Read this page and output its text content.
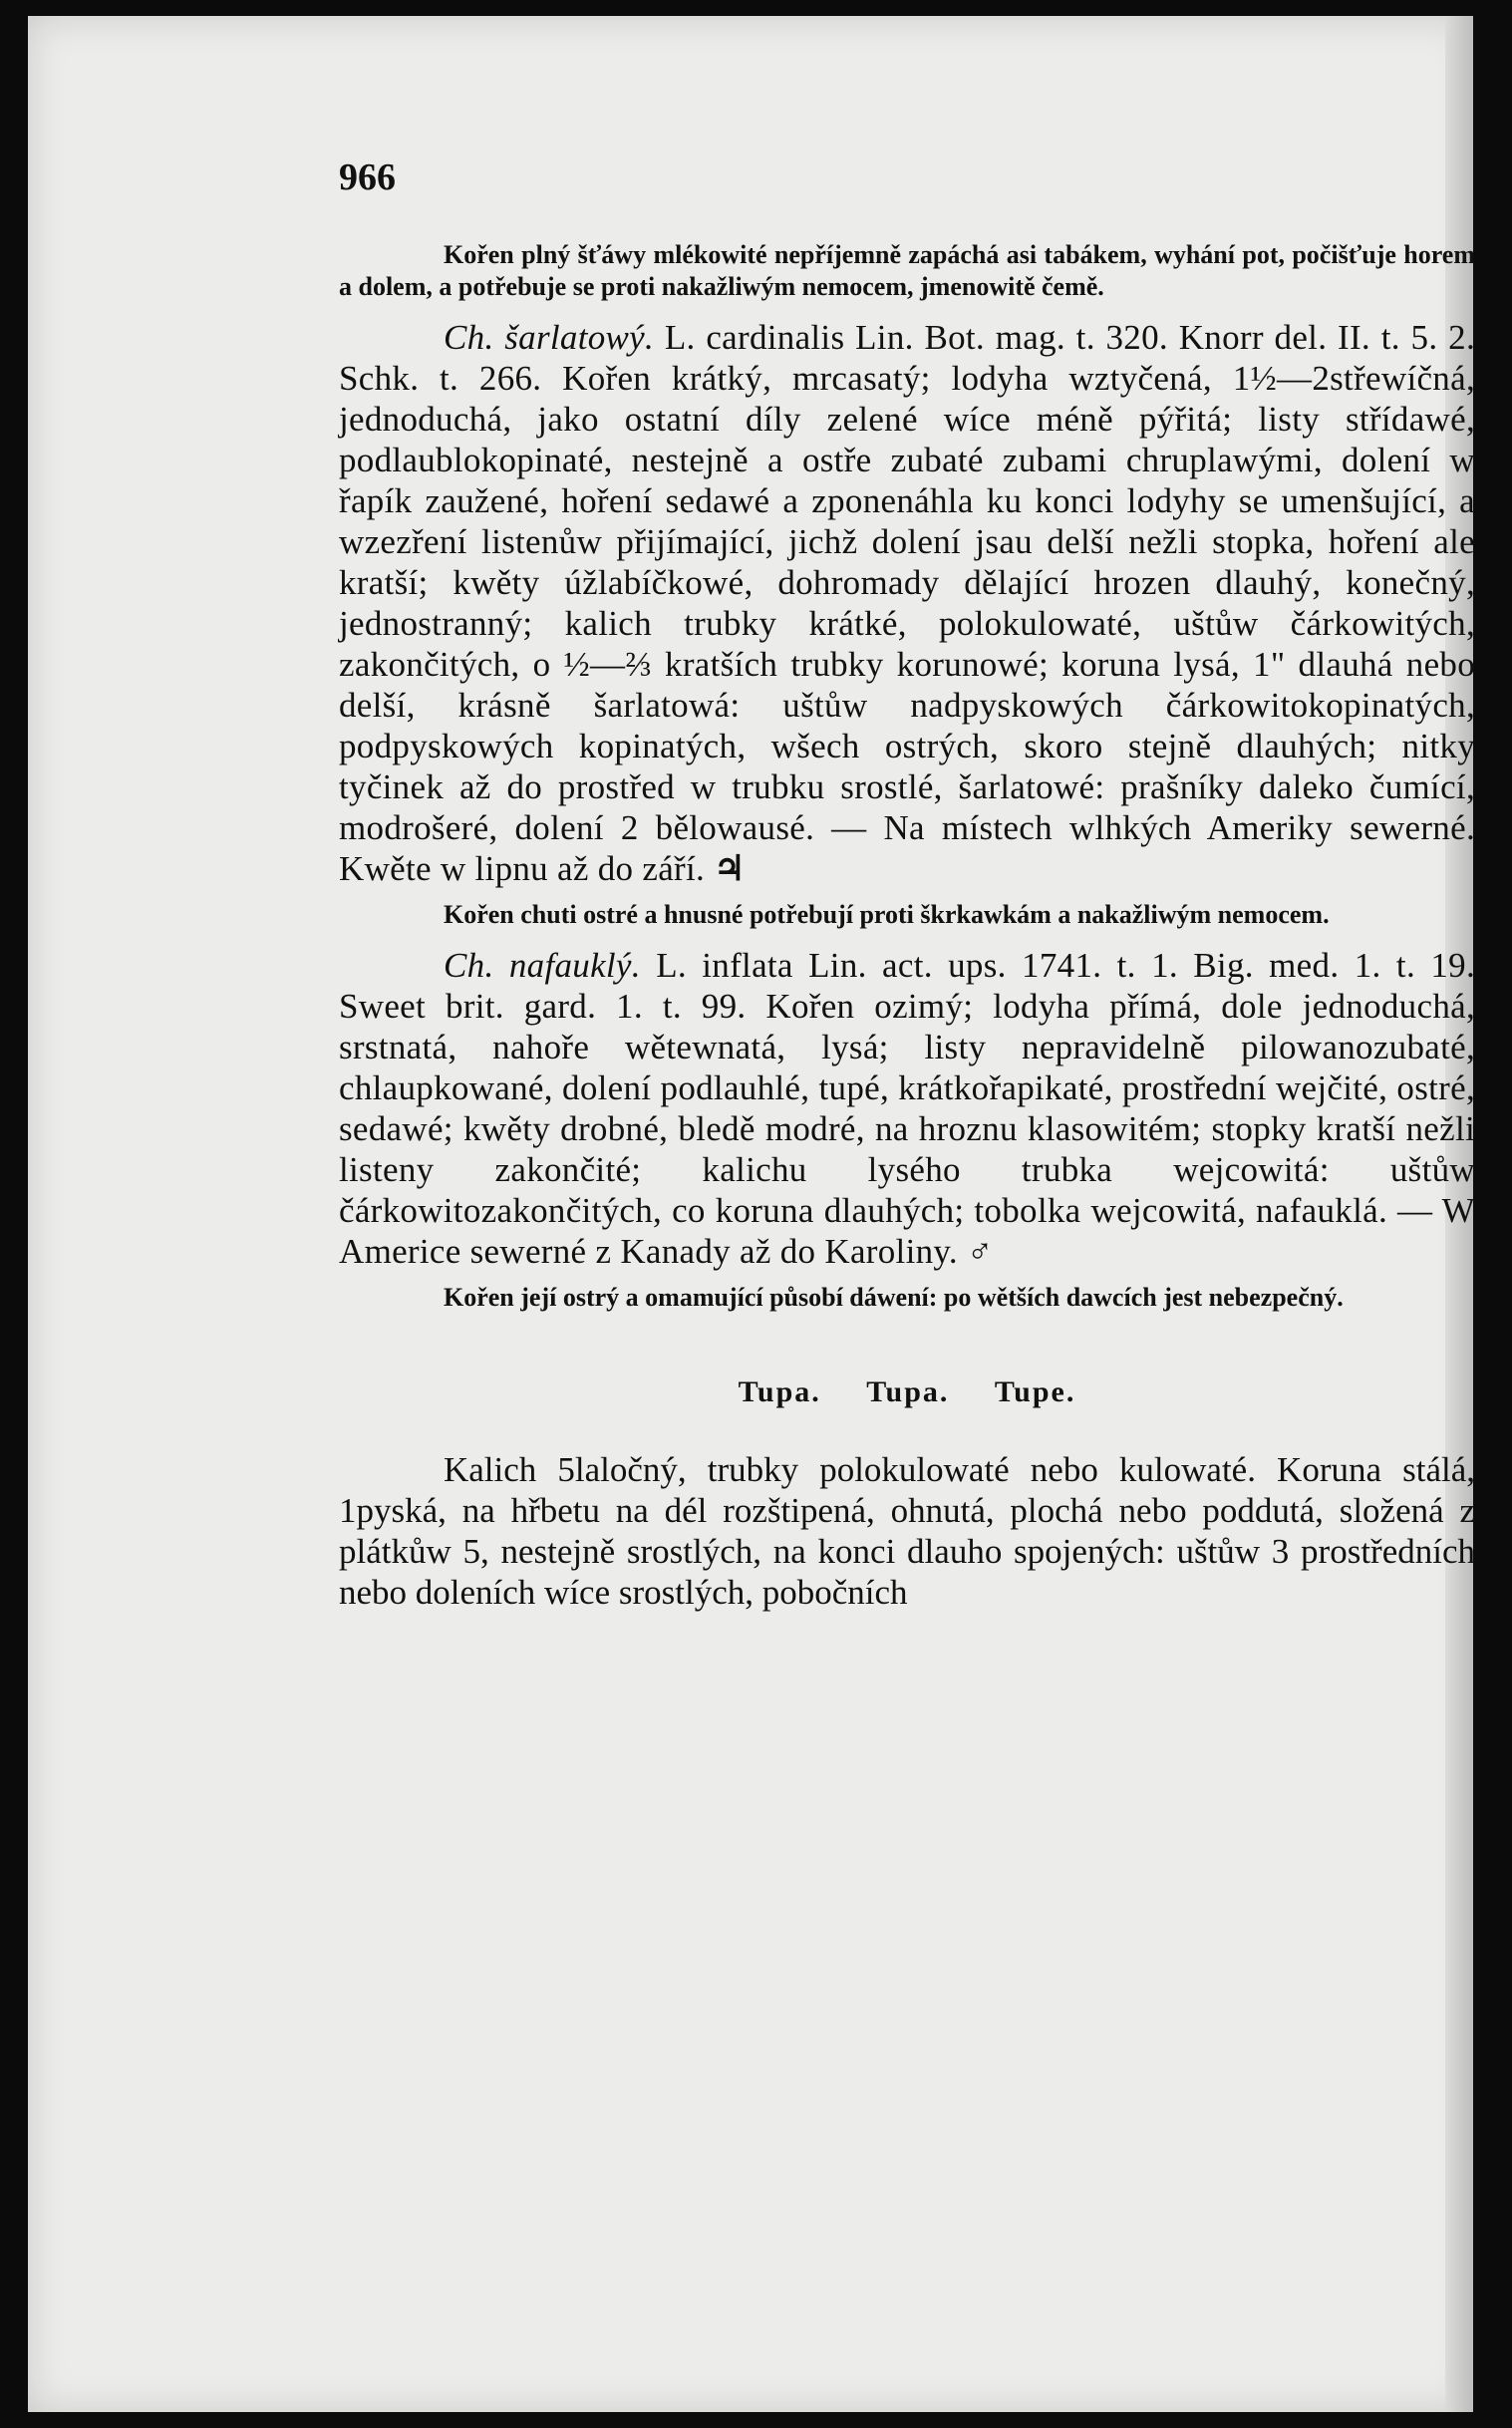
966

Kořen plný šťáwy mlékowité nepříjemně zapáchá asi tabákem, wyhání pot, počišťuje horem a dolem, a potřebuje se proti nakažliwým nemocem, jmenowitě čemě.

Ch. šarlatowý. L. cardinalis Lin. Bot. mag. t. 320. Knorr del. II. t. 5. 2. Schk. t. 266. Kořen krátký, mrcasatý; lodyha wztyčená, 1½—2střewíčná, jednoduchá, jako ostatní díly zelené wíce méně pýřitá; listy střídawé, podlaublokopinaté, nestejně a ostře zubaté zubami chruplawými, dolení w řapík zaužené, hoření sedawé a zponenáhla ku konci lodyhy se umenšující, a wzezření listenůw přijímající, jichž dolení jsau delší nežli stopka, hoření ale kratší; kwěty úžlabíčkowé, dohromady dělající hrozen dlauhý, konečný, jednostranný; kalich trubky krátké, polokulowaté, uštůw čárkowitých, zakončitých, o ½—⅔ kratších trubky korunowé; koruna lysá, 1" dlauhá nebo delší, krásně šarlatowá: uštůw nadpyskowých čárkowitokopinatých, podpyskowých kopinatých, wšech ostrých, skoro stejně dlauhých; nitky tyčinek až do prostřed w trubku srostlé, šarlatowé: prašníky daleko čumící, modrošeré, dolení 2 bělowausé. — Na místech wlhkých Ameriky sewerné. Kwěte w lipnu až do září. ♃

Kořen chuti ostré a hnusné potřebují proti škrkawkám a nakažliwým nemocem.

Ch. nafauklý. L. inflata Lin. act. ups. 1741. t. 1. Big. med. 1. t. 19. Sweet brit. gard. 1. t. 99. Kořen ozimý; lodyha přímá, dole jednoduchá, srstnatá, nahoře wětewnatá, lysá; listy nepravidelně pilowanozubaté, chlaupkowané, dolení podlauhlé, tupé, krátkořapikaté, prostřední wejčité, ostré, sedawé; kwěty drobné, bledě modré, na hroznu klasowitém; stopky kratší nežli listeny zakončité; kalichu lysého trubka wejcowitá: uštůw čárkowitozakončitých, co koruna dlauhých; tobolka wejcowitá, nafauklá. — W Americe sewerné z Kanady až do Karoliny. ♂

Kořen její ostrý a omamující působí dáwení: po wětších dawcích jest nebezpečný.

Tupa. Tupa. Tupe.

Kalich 5laločný, trubky polokulowaté nebo kulowaté. Koruna stálá, 1pyská, na hřbetu na dél rozštipená, ohnutá, plochá nebo poddutá, složená z plátkůw 5, nestejně srostlých, na konci dlauho spojených: uštůw 3 prostředních nebo doleních wíce srostlých, pobočních
